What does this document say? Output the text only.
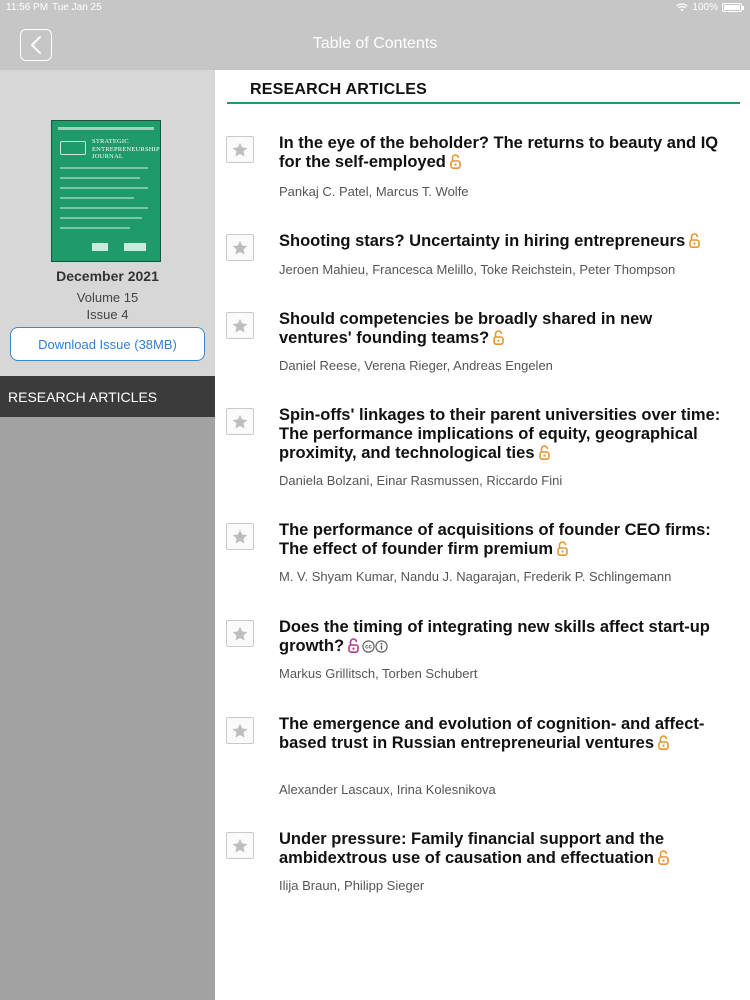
11:56 PM Tue Jan 25	100%
Table of Contents
STRATEGIC ENTREPRENEURSHIP JOURNAL
December 2021
Volume 15
Issue 4
Download Issue (38MB)
RESEARCH ARTICLES
RESEARCH ARTICLES
In the eye of the beholder? The returns to beauty and IQ for the self-employed
Pankaj C. Patel, Marcus T. Wolfe
Shooting stars? Uncertainty in hiring entrepreneurs
Jeroen Mahieu, Francesca Melillo, Toke Reichstein, Peter Thompson
Should competencies be broadly shared in new ventures' founding teams?
Daniel Reese, Verena Rieger, Andreas Engelen
Spin-offs' linkages to their parent universities over time: The performance implications of equity, geographical proximity, and technological ties
Daniela Bolzani, Einar Rasmussen, Riccardo Fini
The performance of acquisitions of founder CEO firms: The effect of founder firm premium
M. V. Shyam Kumar, Nandu J. Nagarajan, Frederik P. Schlingemann
Does the timing of integrating new skills affect start-up growth?	cc
Markus Grillitsch, Torben Schubert
The emergence and evolution of cognition- and affect-based trust in Russian entrepreneurial ventures
Alexander Lascaux, Irina Kolesnikova
Under pressure: Family financial support and the ambidextrous use of causation and effectuation
Ilija Braun, Philipp Sieger
